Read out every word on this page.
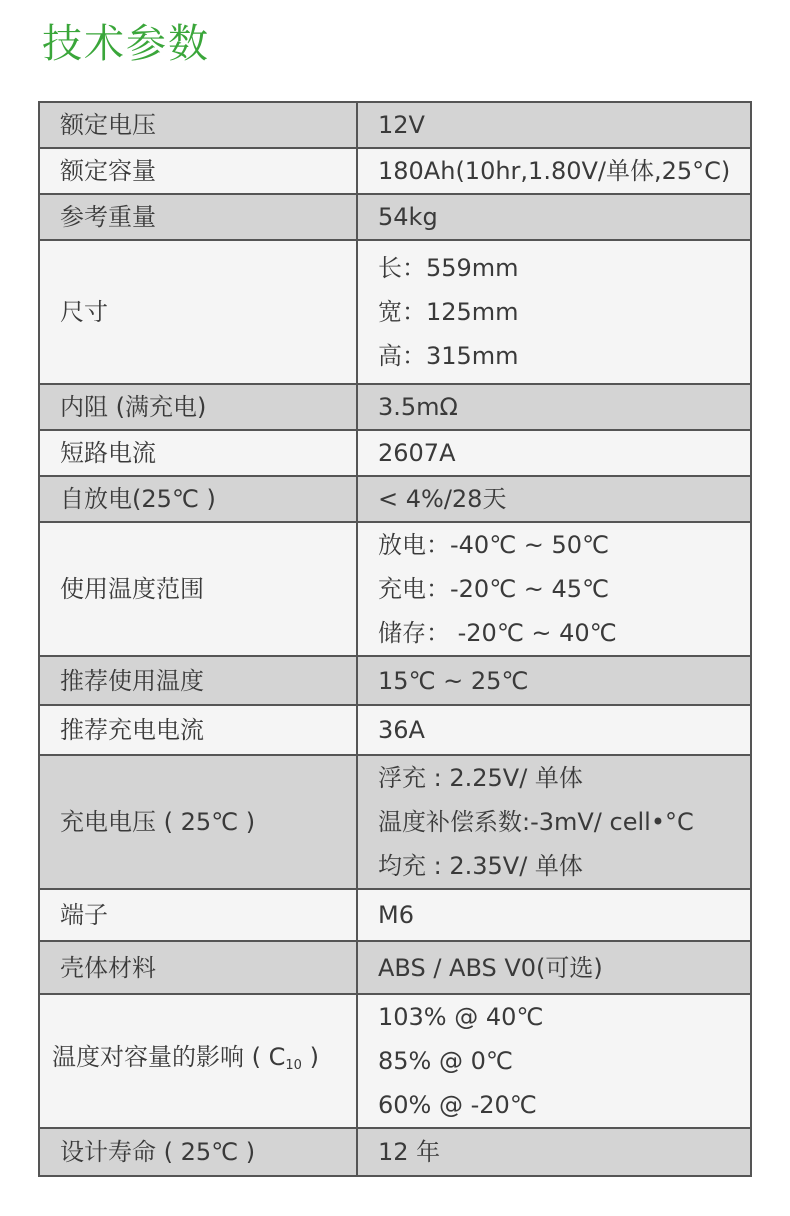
技术参数
额定电压	12V
额定容量	180Ah(10hr,1.80V/单体,25°C)
参考重量	54kg
尺寸	长：559mm
宽：125mm
高：315mm

内阻 (满充电)	3.5mΩ
短路电流	2607A
自放电(25℃ )	< 4%/28天
使用温度范围	放电：-40℃ ~ 50℃
充电：-20℃ ~ 45℃
储存： -20℃ ~ 40℃

推荐使用温度	15℃ ~ 25℃
推荐充电电流	36A
充电电压 ( 25℃ )	浮充 : 2.25V/ 单体
温度补偿系数:-3mV/ cell•°C
均充 : 2.35V/ 单体

端子	M6
壳体材料	ABS / ABS V0(可选)
温度对容量的影响 ( $C_{10}$ )	103% @ 40℃
85% @ 0℃
60% @ -20℃

设计寿命 ( 25℃ )	12 年
